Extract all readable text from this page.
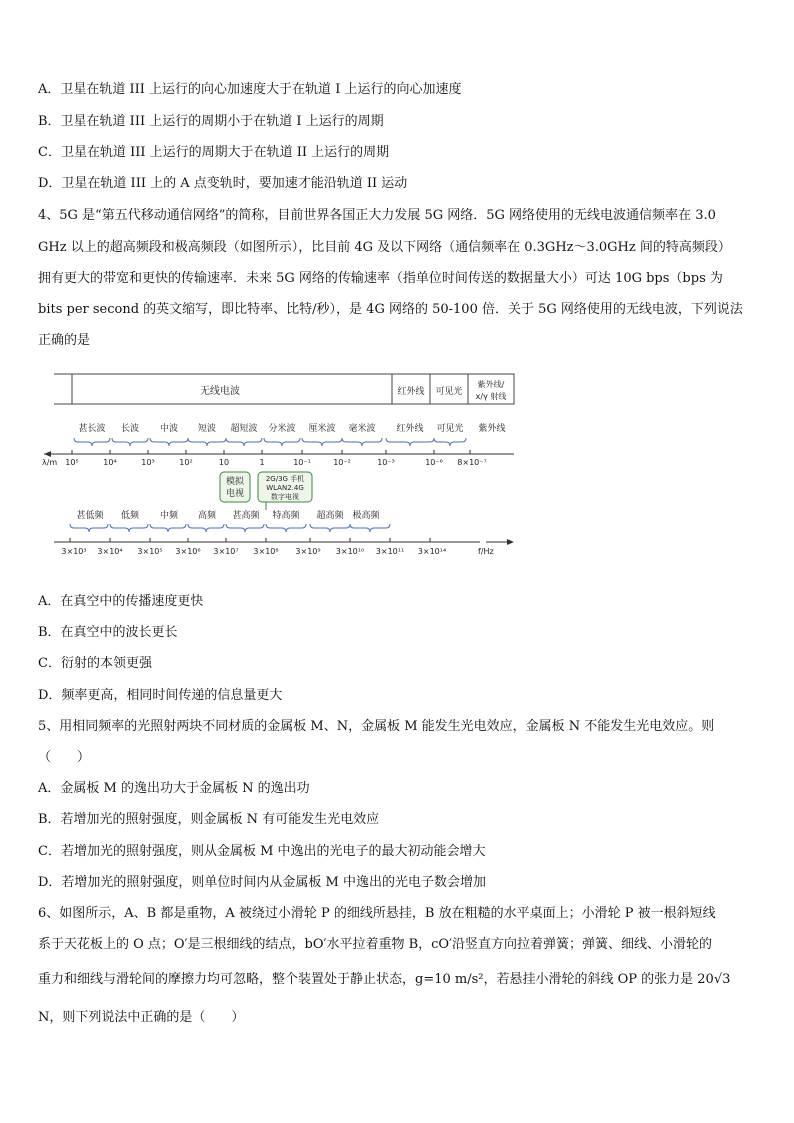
A．卫星在轨道 III 上运行的向心加速度大于在轨道 I 上运行的向心加速度
B．卫星在轨道 III 上运行的周期小于在轨道 I 上运行的周期
C．卫星在轨道 III 上运行的周期大于在轨道 II 上运行的周期
D．卫星在轨道 III 上的 A 点变轨时，要加速才能沿轨道 II 运动
4、5G 是“第五代移动通信网络”的简称，目前世界各国正大力发展 5G 网络．5G 网络使用的无线电波通信频率在 3.0
GHz 以上的超高频段和极高频段（如图所示），比目前 4G 及以下网络（通信频率在 0.3GHz～3.0GHz 间的特高频段）
拥有更大的带宽和更快的传输速率．未来 5G 网络的传输速率（指单位时间传送的数据量大小）可达 10G bps（bps 为
bits per second 的英文缩写，即比特率、比特/秒），是 4G 网络的 50-100 倍．关于 5G 网络使用的无线电波，下列说法
正确的是
无线电波	红外线 可见光
紫外线/
x/γ 射线
甚长波 长波 中波 短波 超短波 分米波 厘米波 毫米波 红外线 可见光 紫外线
λ/m 10⁵	10⁴	10³	10²	10	1	10⁻¹	10⁻²	10⁻³	10⁻⁶ 8×10⁻⁷
模拟
电视
2G/3G 手机
WLAN2.4G
数字电视
甚低频 低频 中频 高频 甚高频 特高频 超高频 极高频
3×10³ 3×10⁴ 3×10⁵ 3×10⁶ 3×10⁷ 3×10⁸ 3×10⁹ 3×10¹⁰ 3×10¹¹ 3×10¹⁴	f/Hz
A．在真空中的传播速度更快
B．在真空中的波长更长
C．衍射的本领更强
D．频率更高，相同时间传递的信息量更大
5、用相同频率的光照射两块不同材质的金属板 M、N，金属板 M 能发生光电效应，金属板 N 不能发生光电效应。则
（　　）
A．金属板 M 的逸出功大于金属板 N 的逸出功
B．若增加光的照射强度，则金属板 N 有可能发生光电效应
C．若增加光的照射强度，则从金属板 M 中逸出的光电子的最大初动能会增大
D．若增加光的照射强度，则单位时间内从金属板 M 中逸出的光电子数会增加
6、如图所示，A、B 都是重物，A 被绕过小滑轮 P 的细线所悬挂，B 放在粗糙的水平桌面上；小滑轮 P 被一根斜短线
系于天花板上的 O 点；O′是三根细线的结点，bO′水平拉着重物 B，cO′沿竖直方向拉着弹簧；弹簧、细线、小滑轮的
重力和细线与滑轮间的摩擦力均可忽略，整个装置处于静止状态，g=10 m/s²，若悬挂小滑轮的斜线 OP 的张力是 20√3
N，则下列说法中正确的是（　　）
